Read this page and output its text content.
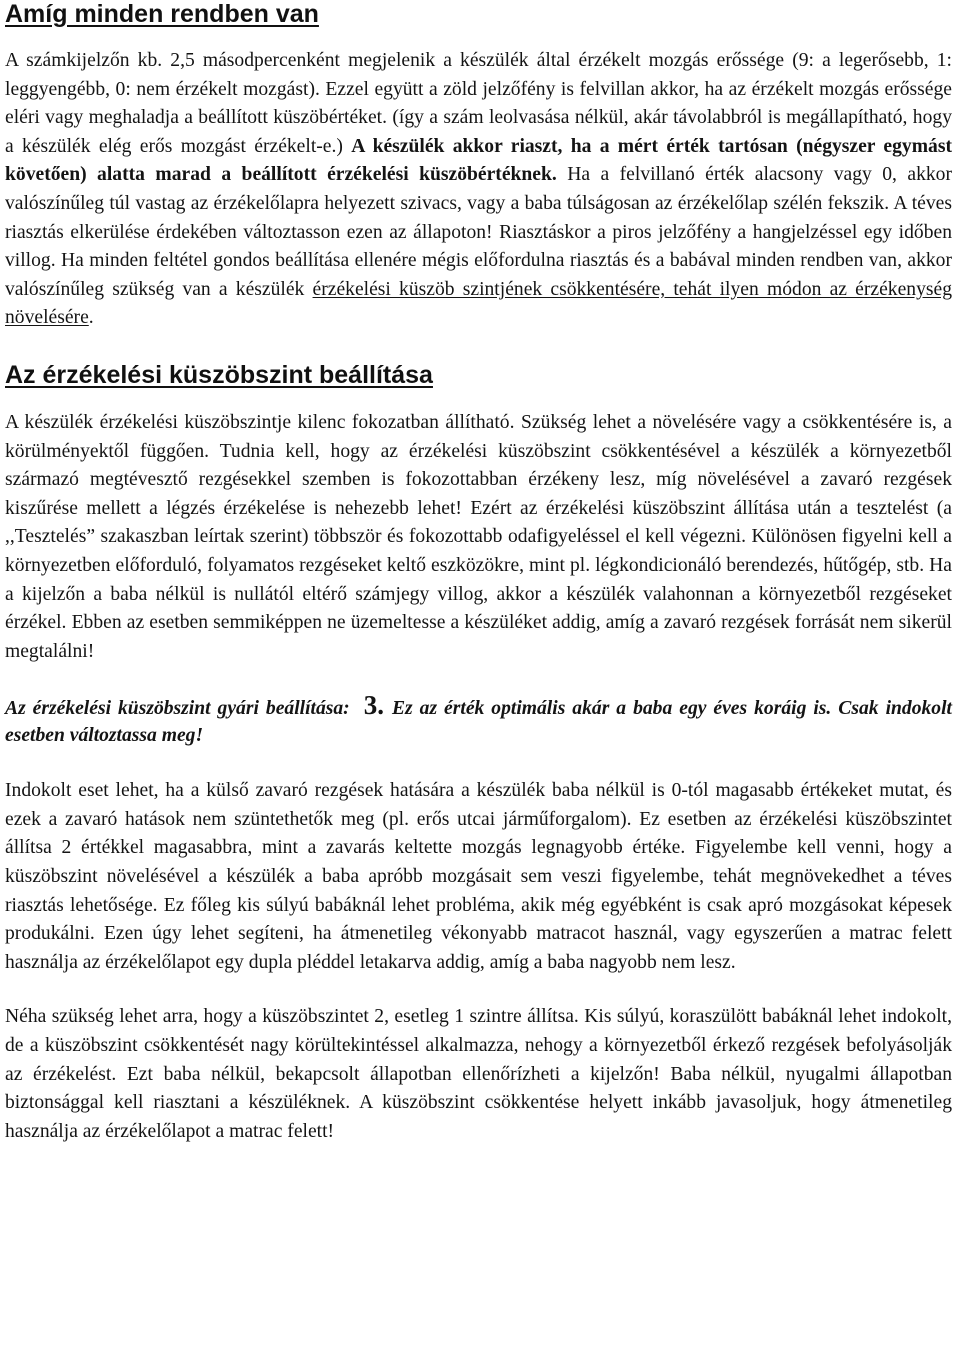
Amíg minden rendben van

A számkijelzőn kb. 2,5 másodpercenként megjelenik a készülék által érzékelt mozgás erőssége (9: a legerősebb, 1: leggyengébb, 0: nem érzékelt mozgást). Ezzel együtt a zöld jelzőfény is felvillan akkor, ha az érzékelt mozgás erőssége eléri vagy meghaladja a beállított küszöbértéket. (így a szám leolvasása nélkül, akár távolabbról is megállapítható, hogy a készülék elég erős mozgást érzékelt-e.) A készülék akkor riaszt, ha a mért érték tartósan (négyszer egymást követően) alatta marad a beállított érzékelési küszöbértéknek. Ha a felvillanó érték alacsony vagy 0, akkor valószínűleg túl vastag az érzékelőlapra helyezett szivacs, vagy a baba túlságosan az érzékelőlap szélén fekszik. A téves riasztás elkerülése érdekében változtasson ezen az állapoton! Riasztáskor a piros jelzőfény a hangjelzéssel egy időben villog. Ha minden feltétel gondos beállítása ellenére mégis előfordulna riasztás és a babával minden rendben van, akkor valószínűleg szükség van a készülék érzékelési küszöb szintjének csökkentésére, tehát ilyen módon az érzékenység növelésére.

Az érzékelési küszöbszint beállítása

A készülék érzékelési küszöbszintje kilenc fokozatban állítható. Szükség lehet a növelésére vagy a csökkentésére is, a körülményektől függően. Tudnia kell, hogy az érzékelési küszöbszint csökkentésével a készülék a környezetből származó megtévesztő rezgésekkel szemben is fokozottabban érzékeny lesz, míg növelésével a zavaró rezgések kiszűrése mellett a légzés érzékelése is nehezebb lehet! Ezért az érzékelési küszöbszint állítása után a tesztelést (a ,,Tesztelés” szakaszban leírtak szerint) többször és fokozottabb odafigyeléssel el kell végezni. Különösen figyelni kell a környezetben előforduló, folyamatos rezgéseket keltő eszközökre, mint pl. légkondicionáló berendezés, hűtőgép, stb. Ha a kijelzőn a baba nélkül is nullától eltérő számjegy villog, akkor a készülék valahonnan a környezetből rezgéseket érzékel. Ebben az esetben semmiképpen ne üzemeltesse a készüléket addig, amíg a zavaró rezgések forrását nem sikerül megtalálni!

Az érzékelési küszöbszint gyári beállítása: 3. Ez az érték optimális akár a baba egy éves koráig is. Csak indokolt esetben változtassa meg!

Indokolt eset lehet, ha a külső zavaró rezgések hatására a készülék baba nélkül is 0-tól magasabb értékeket mutat, és ezek a zavaró hatások nem szüntethetők meg (pl. erős utcai járműforgalom). Ez esetben az érzékelési küszöbszintet állítsa 2 értékkel magasabbra, mint a zavarás keltette mozgás legnagyobb értéke. Figyelembe kell venni, hogy a küszöbszint növelésével a készülék a baba apróbb mozgásait sem veszi figyelembe, tehát megnövekedhet a téves riasztás lehetősége. Ez főleg kis súlyú babáknál lehet probléma, akik még egyébként is csak apró mozgásokat képesek produkálni. Ezen úgy lehet segíteni, ha átmenetileg vékonyabb matracot használ, vagy egyszerűen a matrac felett használja az érzékelőlapot egy dupla pléddel letakarva addig, amíg a baba nagyobb nem lesz.

Néha szükség lehet arra, hogy a küszöbszintet 2, esetleg 1 szintre állítsa. Kis súlyú, koraszülött babáknál lehet indokolt, de a küszöbszint csökkentését nagy körültekintéssel alkalmazza, nehogy a környezetből érkező rezgések befolyásolják az érzékelést. Ezt baba nélkül, bekapcsolt állapotban ellenőrízheti a kijelzőn! Baba nélkül, nyugalmi állapotban biztonsággal kell riasztani a készüléknek. A küszöbszint csökkentése helyett inkább javasoljuk, hogy átmenetileg használja az érzékelőlapot a matrac felett!
